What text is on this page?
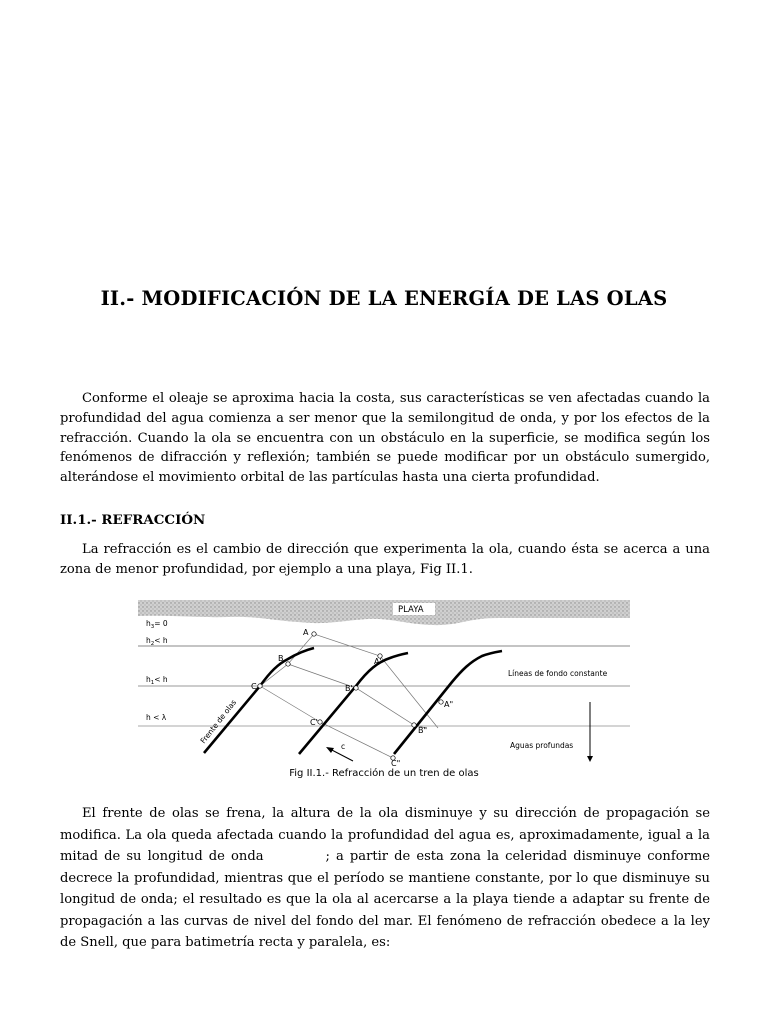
II.- MODIFICACIÓN DE LA ENERGÍA DE LAS OLAS
Conforme el oleaje se aproxima hacia la costa, sus características se ven afectadas cuando la profundidad del agua comienza a ser menor que la semilongitud de onda, y por los efectos de la refracción. Cuando la ola se encuentra con un obstáculo en la superficie, se modifica según los fenómenos de difracción y reflexión; también se puede modificar por un obstáculo sumergido, alterándose el movimiento orbital de las partículas hasta una cierta profundidad.
II.1.- REFRACCIÓN
La refracción es el cambio de dirección que experimenta la ola, cuando ésta se acerca a una zona de menor profundidad, por ejemplo a una playa, Fig II.1.
PLAYA
$h_3= 0$
$h_2< h$
$h_1< h$
h < λ
A
B
C
A'
B'
C'
A"
B"
C"
c
Frente de olas
Líneas de fondo constante
Aguas profundas
Fig II.1.- Refracción de un tren de olas
El frente de olas se frena, la altura de la ola disminuye y su dirección de propagación se modifica. La ola queda afectada cuando la profundidad del agua es, aproximadamente, igual a la mitad de su longitud de onda	; a partir de esta zona la celeridad disminuye conforme decrece la profundidad, mientras que el período se mantiene constante, por lo que disminuye su longitud de onda; el resultado es que la ola al acercarse a la playa tiende a adaptar su frente de propagación a las curvas de nivel del fondo del mar. El fenómeno de refracción obedece a la ley de Snell, que para batimetría recta y paralela, es:
